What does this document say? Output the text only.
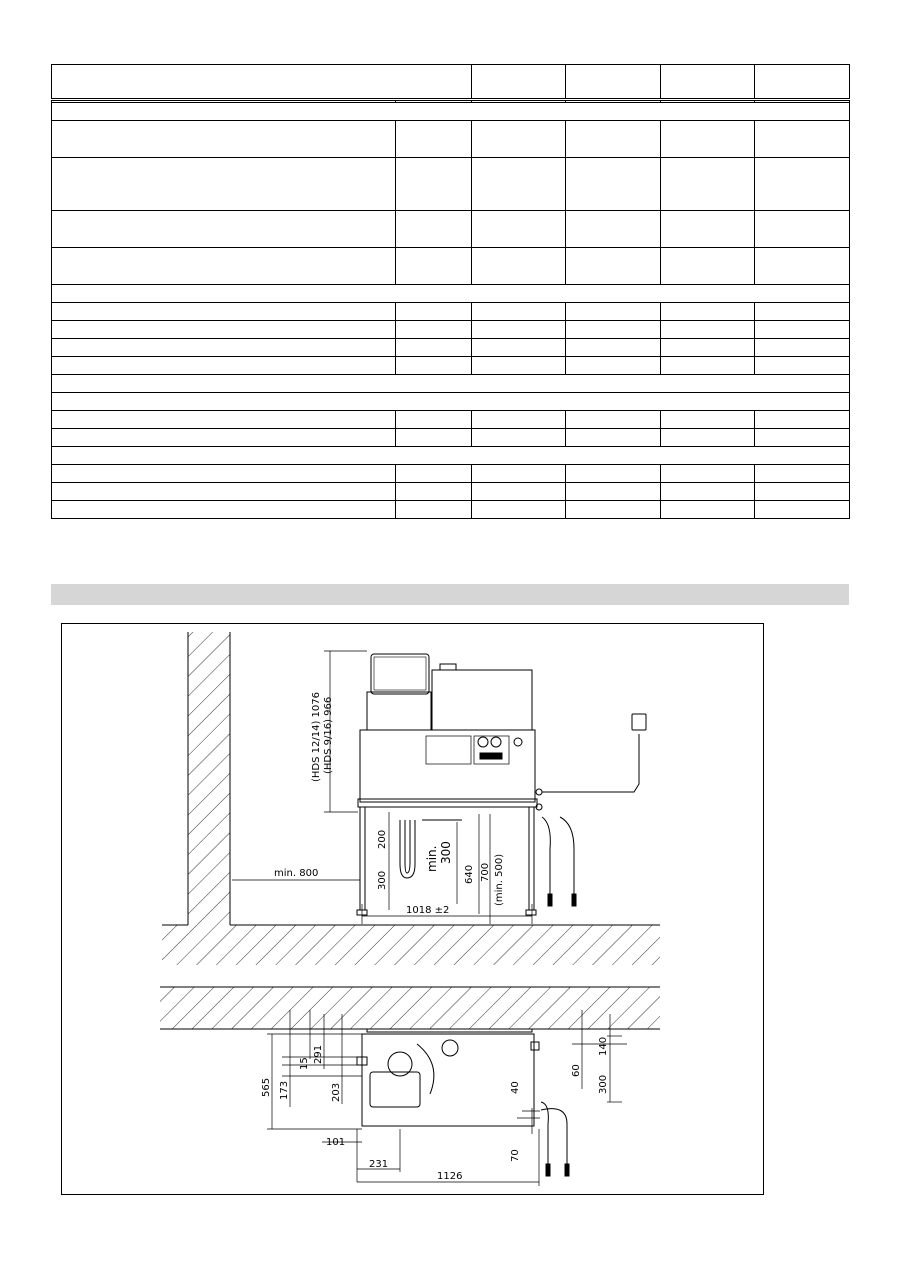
(HDS 12/14) 1076 (HDS 9/16) 966
min. 800
200
300
min. 300
640 700 (min. 500)
1018 ±2
565 173
15 291
203
101
231
1126
40
70
140
60
300
